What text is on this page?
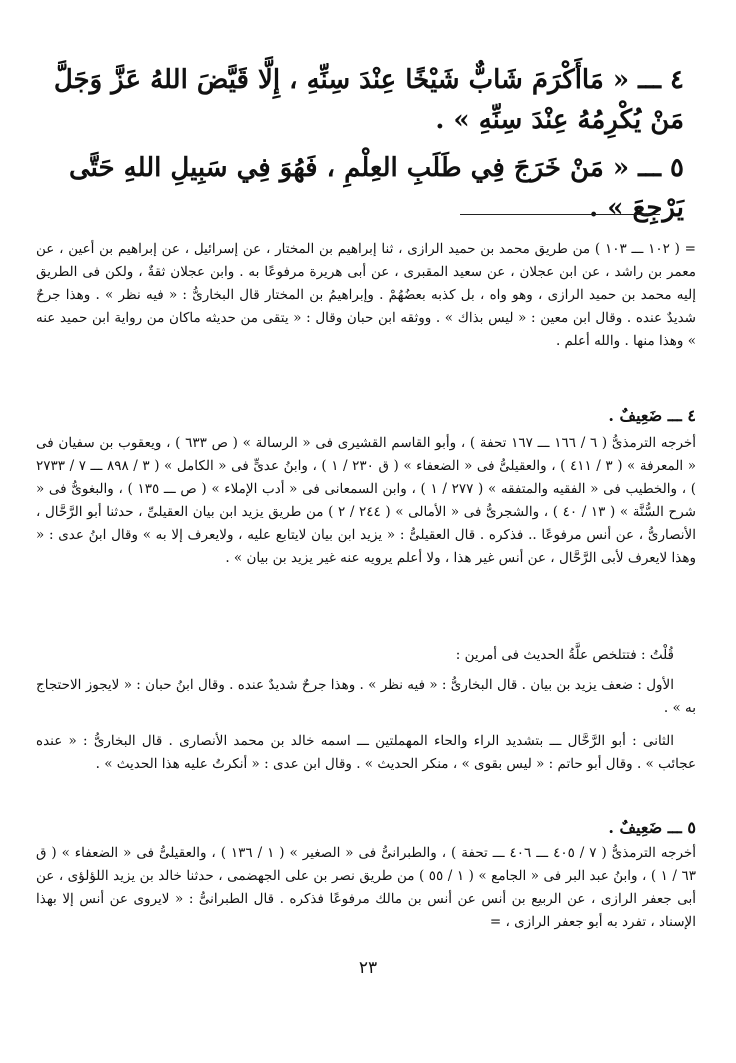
٤ ـــ « مَاأَكْرَمَ شَابٌّ شَيْخًا عِنْدَ سِنِّهِ ، إِلَّا قَيَّضَ اللهُ عَزَّ وَجَلَّ مَنْ يُكْرِمُهُ عِنْدَ سِنِّهِ » .

٥ ـــ « مَنْ خَرَجَ فِي طَلَبِ العِلْمِ ، فَهُوَ فِي سَبِيلِ اللهِ حَتَّى يَرْجِعَ » .

= ( ١٠٢ ـــ ١٠٣ ) من طريق محمد بن حميد الرازى ، ثنا إبراهيم بن المختار ، عن إسرائيل ، عن إبراهيم بن أعين ، عن معمر بن راشد ، عن ابن عجلان ، عن سعيد المقبرى ، عن أبى هريرة مرفوعًا به . وابن عجلان ثقةٌ ، ولكن فى الطريق إليه محمد بن حميد الرازى ، وهو واه ، بل كذبه بعضُهُمْ . وإبراهيمُ بن المختار قال البخارىُّ : « فيه نظر » . وهذا جرحٌ شديدٌ عنده . وقال ابن معين : « ليس بذاك » . ووثقه ابن حبان وقال : « يتقى من حديثه ماكان من رواية ابن حميد عنه » وهذا منها . والله أعلم .

٤ ـــ ضَعِيفٌ .

أخرجه الترمذىُّ ( ٦ / ١٦٦ ـــ ١٦٧ تحفة ) ، وأبو القاسم القشيرى فى « الرسالة » ( ص ٦٣٣ ) ، ويعقوب بن سفيان فى « المعرفة » ( ٣ / ٤١١ ) ، والعقيلىُّ فى « الضعفاء » ( ق ٢٣٠ / ١ ) ، وابنُ عدىٍّ فى « الكامل » ( ٣ / ٨٩٨ ـــ ٧ / ٢٧٣٣ ) ، والخطيب فى « الفقيه والمتفقه » ( ٢٧٧ / ١ ) ، وابن السمعانى فى « أدب الإملاء » ( ص ـــ ١٣٥ ) ، والبغوىُّ فى « شرح السُّنَّة » ( ١٣ / ٤٠ ) ، والشجرىُّ فى « الأمالى » ( ٢٤٤ / ٢ ) من طريق يزيد ابن بيان العقيلىِّ ، حدثنا أبو الرَّحَّال ، الأنصارىُّ ، عن أنس مرفوعًا .. فذكره . قال العقيلىُّ : « يزيد ابن بيان لايتابع عليه ، ولايعرف إلا به » وقال ابنُ عدى : « وهذا لايعرف لأبى الرَّحَّال ، عن أنس غير هذا ، ولا أعلم يرويه عنه غير يزيد بن بيان » .

قُلْتُ : فتتلخص علَّةُ الحديث فى أمرين :

الأول : ضعف يزيد بن بيان . قال البخارىُّ : « فيه نظر » . وهذا جرحٌ شديدٌ عنده . وقال ابنُ حبان : « لايجوز الاحتجاج به » .

الثانى : أبو الرَّحَّال ـــ بتشديد الراء والحاء المهملتين ـــ اسمه خالد بن محمد الأنصارى . قال البخارىُّ : « عنده عجائب » . وقال أبو حاتم : « ليس بقوى » ، منكر الحديث » . وقال ابن عدى : « أنكرتُ عليه هذا الحديث » .

٥ ـــ ضَعِيفٌ .

أخرجه الترمذىُّ ( ٧ / ٤٠٥ ـــ ٤٠٦ ـــ تحفة ) ، والطبرانىُّ فى « الصغير » ( ١ / ١٣٦ ) ، والعقيلىُّ فى « الضعفاء » ( ق ٦٣ / ١ ) ، وابنُ عبد البر فى « الجامع » ( ١ / ٥٥ ) من طريق نصر بن على الجهضمى ، حدثنا خالد بن يزيد اللؤلؤى ، عن أبى جعفر الرازى ، عن الربيع بن أنس عن أنس بن مالك مرفوعًا فذكره . قال الطبرانىُّ : « لايروى عن أنس إلا بهذا الإسناد ، تفرد به أبو جعفر الرازى ، =

٢٣
